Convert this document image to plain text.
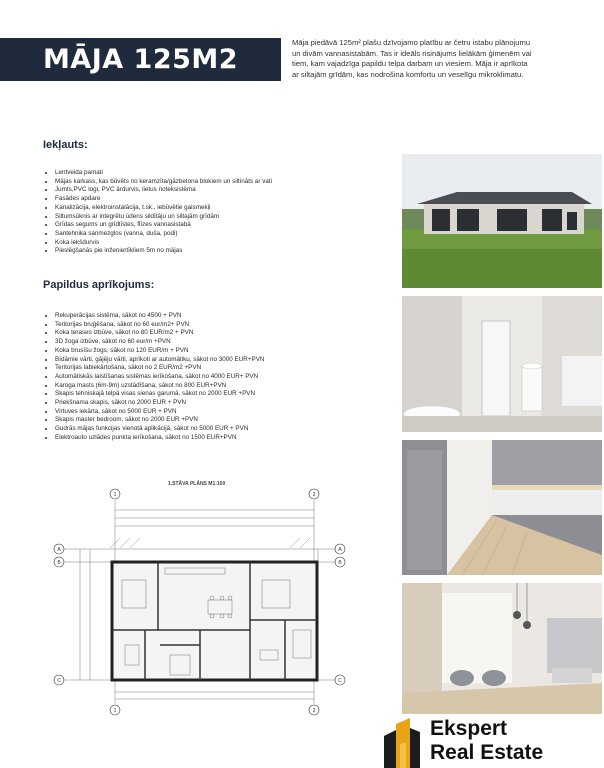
MĀJA 125M2
Māja piedāvā 125m² plašu dzīvojamo platību ar četru istabu plānojumu un divām vannasistabām. Tas ir ideāls risinājums lielākām ģimenēm vai tiem, kam vajadzīga papildu telpa darbam un viesiem. Māja ir aprīkota ar siltajām grīdām, kas nodrošina komfortu un veselīgu mikroklimatu.
Iekļauts:
• Lentveida pamati
• Mājas karkass, kas būvēts no keramzīta/gāzbetona blokiem un siltināts ar vati
• Jumts,PVC logi, PVC ārdurvis, lietus noteksistēma
• Fasādes apdare
• Kanalizācija, elektroinstalācija, t.sk., iebūvētie gaismekļi
• Siltumsūknis ar integrētu ūdens sildītāju un siltajām grīdām
• Grīdas segums un grīdlīstes, flīzes vannasistabā
• Santehnika sanmezglos (vanna, duša, podi)
• Koka iekšdurvis
• Pieslēgšanās pie inženiertīkliem 5m no mājas
Papildus aprīkojums:
• Rekuperācijas sistēma, sākot no 4500 + PVN
• Teritorijas bruģēšana, sākot no 60 eur/m2+ PVN
• Koka terases izbūve, sākot no 80 EUR/m2 + PVN
• 3D žoga izbūve, sākot no 60 eur/m +PVN
• Koka brusīšu žogs, sākot no 120 EUR/m + PVN
• Bīdāmie vārti, gājēju vārti, aprīkoti ar automātiku, sākot no 3000 EUR+PVN
• Teritorijas labiekārtošana, sākot no 2 EUR/m2 +PVN
• Automātiskās laistīšanas sistēmas ierīkošana, sākot no 4000 EUR+ PVN
• Karoga masts (6m-9m) uzstādīšana, sākot no 800 EUR+PVN
• Skapis tehniskajā telpā visas sienas garumā, sākot no 2000 EUR +PVN
• Priekšnama skapis, sākot no 2000 EUR + PVN
• Virtuves iekārta, sākot no 5000 EUR + PVN
• Skapis master bedroom, sākot no 2000 EUR +PVN
• Gudrās mājas funkcijas vienotā aplikācijā, sākot no 5000 EUR + PVN
• Elektroauto uzlādes punkta ierīkošana, sākot no 1500 EUR+PVN
1.STĀVA PLĀNS M1:100
1	2
1	2
A
B
C
A
B
C
Ekspert
Real Estate
